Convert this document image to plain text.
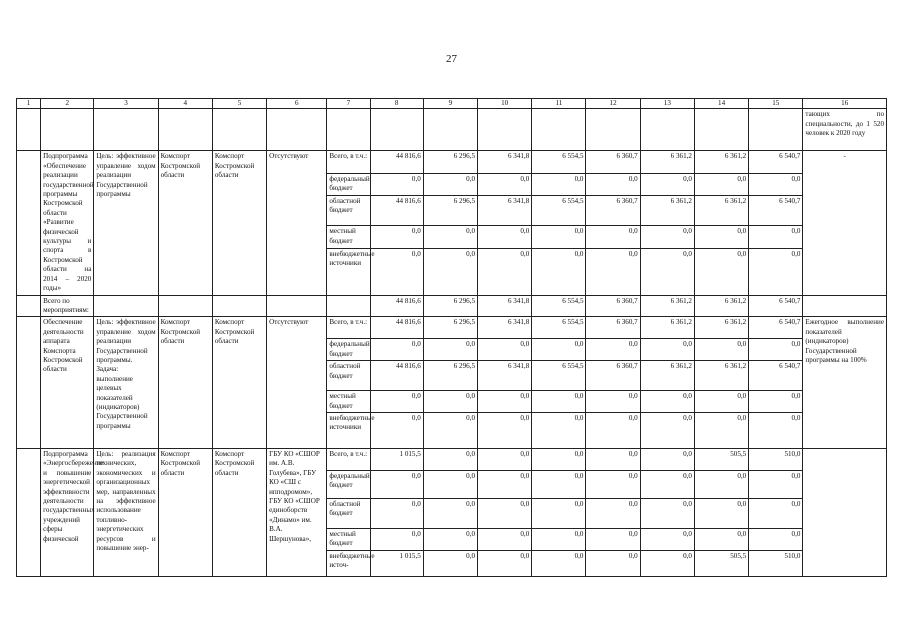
27
1	2	3	4	5	6	7	8	9	10	11	12	13	14	15	16
															тающих по специальности, до 1 520 человек к 2020 году
	Подпрограмма «Обеспечение реализации государственной программы Костромской области «Развитие физической культуры и спорта в Костромской области на 2014 – 2020 годы»	Цель: эффективное управление ходом реализации Государственной программы	Комспорт Костромской области	Комспорт Костромской области	Отсутствуют	Всего, в т.ч.:	44 816,6	6 296,5	6 341,8	6 554,5	6 360,7	6 361,2	6 361,2	6 540,7	-
						федеральный бюджет	0,0	0,0	0,0	0,0	0,0	0,0	0,0	0,0	
						областной бюджет	44 816,6	6 296,5	6 341,8	6 554,5	6 360,7	6 361,2	6 361,2	6 540,7	
						местный бюджет	0,0	0,0	0,0	0,0	0,0	0,0	0,0	0,0	
						внебюджетные источники	0,0	0,0	0,0	0,0	0,0	0,0	0,0	0,0	
	Всего по мероприятиям:						44 816,6	6 296,5	6 341,8	6 554,5	6 360,7	6 361,2	6 361,2	6 540,7	
	Обеспечение деятельности аппарата Комспорта Костромской области	Цель: эффективное управление ходом реализации Государственной программы. Задача: выполнение целевых показателей (индикаторов) Государственной программы	Комспорт Костромской области	Комспорт Костромской области	Отсутствуют	Всего, в т.ч.:	44 816,6	6 296,5	6 341,8	6 554,5	6 360,7	6 361,2	6 361,2	6 540,7	Ежегодное выполнение показателей (индикаторов) Государственной программы на 100%
						федеральный бюджет	0,0	0,0	0,0	0,0	0,0	0,0	0,0	0,0	
						областной бюджет	44 816,6	6 296,5	6 341,8	6 554,5	6 360,7	6 361,2	6 361,2	6 540,7	
						местный бюджет	0,0	0,0	0,0	0,0	0,0	0,0	0,0	0,0	
						внебюджетные источники	0,0	0,0	0,0	0,0	0,0	0,0	0,0	0,0	
	Подпрограмма «Энергосбережение и повышение энергетической эффективности деятельности государственных учреждений сферы физической	Цель: реализация технических, экономических и организационных мер, направленных на эффективное использование топливно-энергетических ресурсов и повышение энер-	Комспорт Костромской области	Комспорт Костромской области	ГБУ КО «СШОР им. А.В. Голубева», ГБУ КО «СШ с ипподромом», ГБУ КО «СШОР единоборств «Динамо» им. В.А. Шершунова»,	Всего, в т.ч.:	1 015,5	0,0	0,0	0,0	0,0	0,0	505,5	510,0	
						федеральный бюджет	0,0	0,0	0,0	0,0	0,0	0,0	0,0	0,0	
						областной бюджет	0,0	0,0	0,0	0,0	0,0	0,0	0,0	0,0	
						местный бюджет	0,0	0,0	0,0	0,0	0,0	0,0	0,0	0,0	
						внебюджетные источ-	1 015,5	0,0	0,0	0,0	0,0	0,0	505,5	510,0	
